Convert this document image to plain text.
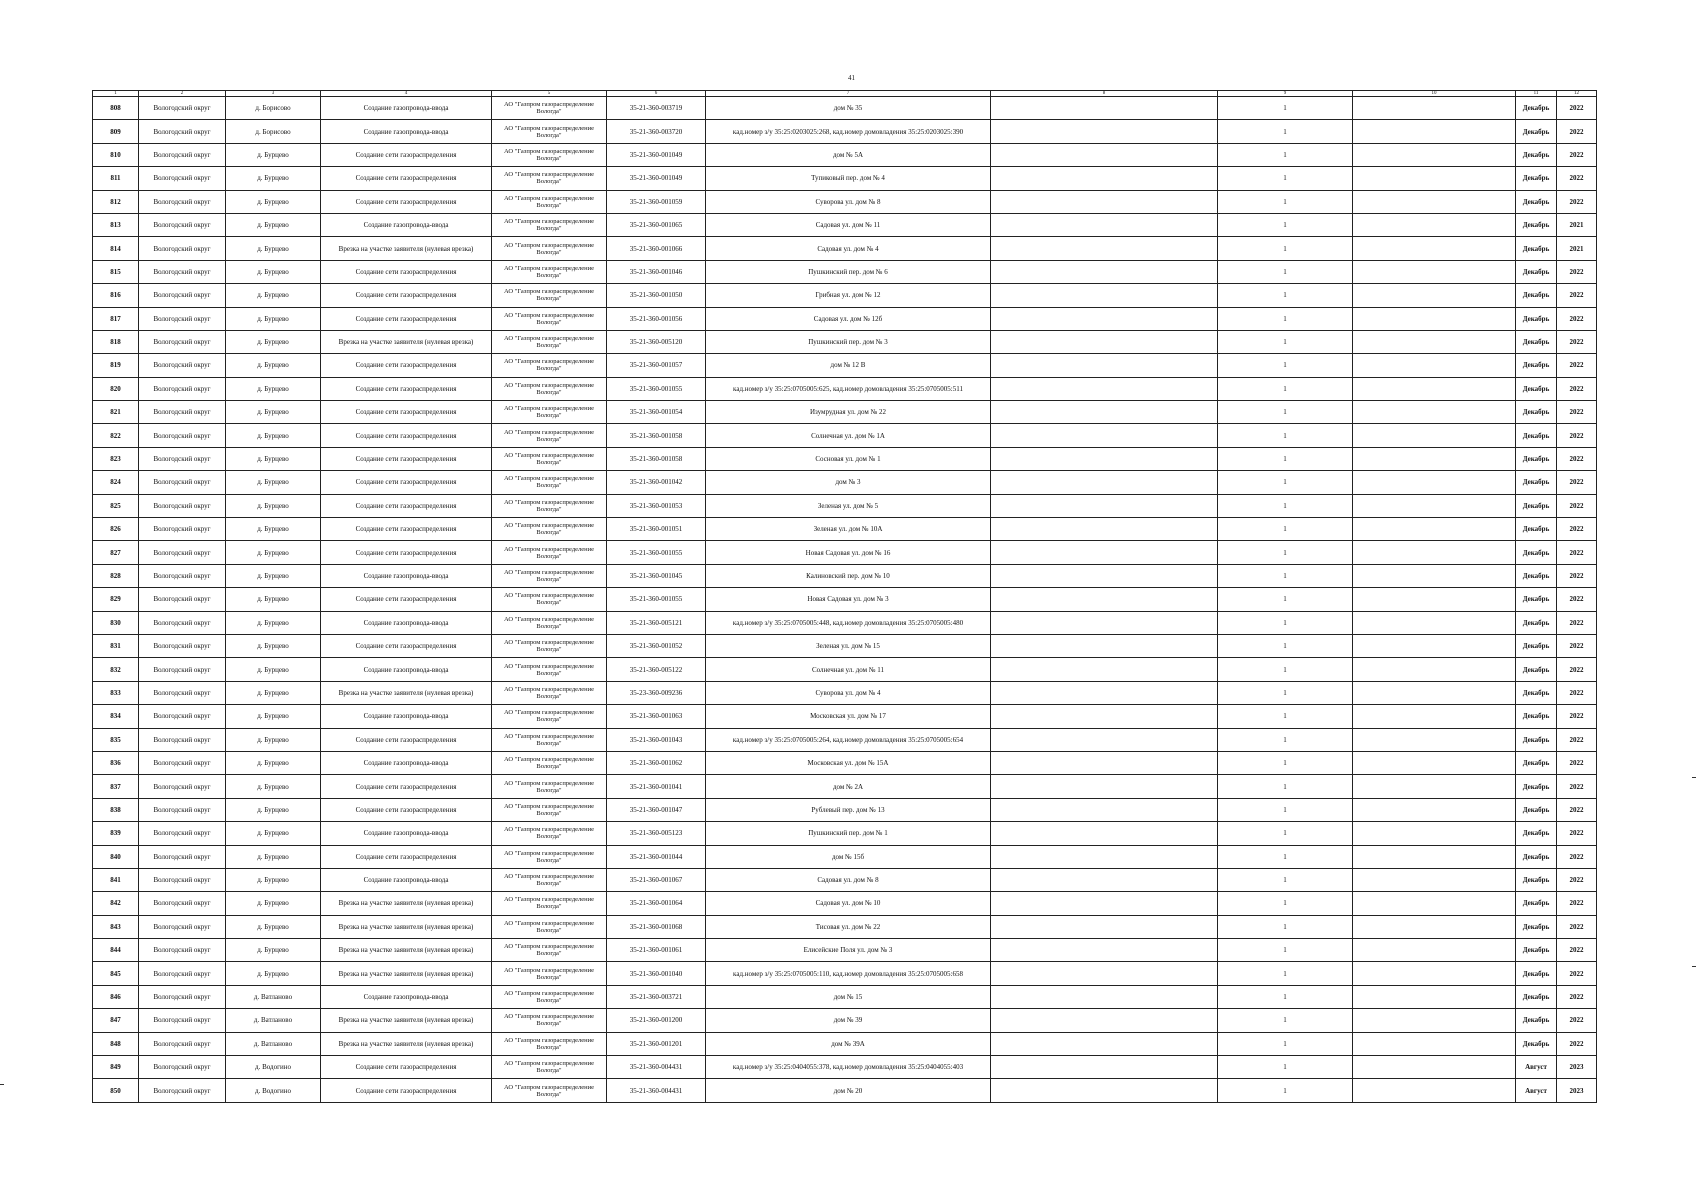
41
1	2	3	4	5	6	7	8	9	10	11	12
808	Вологодский округ	д. Борисово	Создание газопровода-ввода	АО "Газпром газораспределение Вологда"	35-21-360-003719	дом № 35		1		Декабрь	2022
809	Вологодский округ	д. Борисово	Создание газопровода-ввода	АО "Газпром газораспределение Вологда"	35-21-360-003720	кад.номер з/у 35:25:0203025:268, кад.номер домовладения 35:25:0203025:390		1		Декабрь	2022
810	Вологодский округ	д. Бурцево	Создание сети газораспределения	АО "Газпром газораспределение Вологда"	35-21-360-001049	дом № 5А		1		Декабрь	2022
811	Вологодский округ	д. Бурцево	Создание сети газораспределения	АО "Газпром газораспределение Вологда"	35-21-360-001049	Тупиковый пер. дом № 4		1		Декабрь	2022
812	Вологодский округ	д. Бурцево	Создание сети газораспределения	АО "Газпром газораспределение Вологда"	35-21-360-001059	Суворова ул. дом № 8		1		Декабрь	2022
813	Вологодский округ	д. Бурцево	Создание газопровода-ввода	АО "Газпром газораспределение Вологда"	35-21-360-001065	Садовая ул. дом № 11		1		Декабрь	2021
814	Вологодский округ	д. Бурцево	Врезка на участке заявителя (нулевая врезка)	АО "Газпром газораспределение Вологда"	35-21-360-001066	Садовая ул. дом № 4		1		Декабрь	2021
815	Вологодский округ	д. Бурцево	Создание сети газораспределения	АО "Газпром газораспределение Вологда"	35-21-360-001046	Пушкинский пер. дом № 6		1		Декабрь	2022
816	Вологодский округ	д. Бурцево	Создание сети газораспределения	АО "Газпром газораспределение Вологда"	35-21-360-001050	Грибная ул. дом № 12		1		Декабрь	2022
817	Вологодский округ	д. Бурцево	Создание сети газораспределения	АО "Газпром газораспределение Вологда"	35-21-360-001056	Садовая ул. дом № 12б		1		Декабрь	2022
818	Вологодский округ	д. Бурцево	Врезка на участке заявителя (нулевая врезка)	АО "Газпром газораспределение Вологда"	35-21-360-005120	Пушкинский пер. дом № 3		1		Декабрь	2022
819	Вологодский округ	д. Бурцево	Создание сети газораспределения	АО "Газпром газораспределение Вологда"	35-21-360-001057	дом № 12 В		1		Декабрь	2022
820	Вологодский округ	д. Бурцево	Создание сети газораспределения	АО "Газпром газораспределение Вологда"	35-21-360-001055	кад.номер з/у 35:25:0705005:625, кад.номер домовладения 35:25:0705005:511		1		Декабрь	2022
821	Вологодский округ	д. Бурцево	Создание сети газораспределения	АО "Газпром газораспределение Вологда"	35-21-360-001054	Изумрудная ул. дом № 22		1		Декабрь	2022
822	Вологодский округ	д. Бурцево	Создание сети газораспределения	АО "Газпром газораспределение Вологда"	35-21-360-001058	Солнечная ул. дом № 1А		1		Декабрь	2022
823	Вологодский округ	д. Бурцево	Создание сети газораспределения	АО "Газпром газораспределение Вологда"	35-21-360-001058	Сосновая ул. дом № 1		1		Декабрь	2022
824	Вологодский округ	д. Бурцево	Создание сети газораспределения	АО "Газпром газораспределение Вологда"	35-21-360-001042	дом № 3		1		Декабрь	2022
825	Вологодский округ	д. Бурцево	Создание сети газораспределения	АО "Газпром газораспределение Вологда"	35-21-360-001053	Зеленая ул. дом № 5		1		Декабрь	2022
826	Вологодский округ	д. Бурцево	Создание сети газораспределения	АО "Газпром газораспределение Вологда"	35-21-360-001051	Зеленая ул. дом № 10А		1		Декабрь	2022
827	Вологодский округ	д. Бурцево	Создание сети газораспределения	АО "Газпром газораспределение Вологда"	35-21-360-001055	Новая Садовая ул. дом № 16		1		Декабрь	2022
828	Вологодский округ	д. Бурцево	Создание газопровода-ввода	АО "Газпром газораспределение Вологда"	35-21-360-001045	Калиновский пер. дом № 10		1		Декабрь	2022
829	Вологодский округ	д. Бурцево	Создание сети газораспределения	АО "Газпром газораспределение Вологда"	35-21-360-001055	Новая Садовая ул. дом № 3		1		Декабрь	2022
830	Вологодский округ	д. Бурцево	Создание газопровода-ввода	АО "Газпром газораспределение Вологда"	35-21-360-005121	кад.номер з/у 35:25:0705005:448, кад.номер домовладения 35:25:0705005:480		1		Декабрь	2022
831	Вологодский округ	д. Бурцево	Создание сети газораспределения	АО "Газпром газораспределение Вологда"	35-21-360-001052	Зеленая ул. дом № 15		1		Декабрь	2022
832	Вологодский округ	д. Бурцево	Создание газопровода-ввода	АО "Газпром газораспределение Вологда"	35-21-360-005122	Солнечная ул. дом № 11		1		Декабрь	2022
833	Вологодский округ	д. Бурцево	Врезка на участке заявителя (нулевая врезка)	АО "Газпром газораспределение Вологда"	35-23-360-009236	Суворова ул. дом № 4		1		Декабрь	2022
834	Вологодский округ	д. Бурцево	Создание газопровода-ввода	АО "Газпром газораспределение Вологда"	35-21-360-001063	Московская ул. дом № 17		1		Декабрь	2022
835	Вологодский округ	д. Бурцево	Создание сети газораспределения	АО "Газпром газораспределение Вологда"	35-21-360-001043	кад.номер з/у 35:25:0705005:264, кад.номер домовладения 35:25:0705005:654		1		Декабрь	2022
836	Вологодский округ	д. Бурцево	Создание газопровода-ввода	АО "Газпром газораспределение Вологда"	35-21-360-001062	Московская ул. дом № 15А		1		Декабрь	2022
837	Вологодский округ	д. Бурцево	Создание сети газораспределения	АО "Газпром газораспределение Вологда"	35-21-360-001041	дом № 2А		1		Декабрь	2022
838	Вологодский округ	д. Бурцево	Создание сети газораспределения	АО "Газпром газораспределение Вологда"	35-21-360-001047	Рублевый пер. дом № 13		1		Декабрь	2022
839	Вологодский округ	д. Бурцево	Создание газопровода-ввода	АО "Газпром газораспределение Вологда"	35-21-360-005123	Пушкинский пер. дом № 1		1		Декабрь	2022
840	Вологодский округ	д. Бурцево	Создание сети газораспределения	АО "Газпром газораспределение Вологда"	35-21-360-001044	дом № 15б		1		Декабрь	2022
841	Вологодский округ	д. Бурцево	Создание газопровода-ввода	АО "Газпром газораспределение Вологда"	35-21-360-001067	Садовая ул. дом № 8		1		Декабрь	2022
842	Вологодский округ	д. Бурцево	Врезка на участке заявителя (нулевая врезка)	АО "Газпром газораспределение Вологда"	35-21-360-001064	Садовая ул. дом № 10		1		Декабрь	2022
843	Вологодский округ	д. Бурцево	Врезка на участке заявителя (нулевая врезка)	АО "Газпром газораспределение Вологда"	35-21-360-001068	Тисовая ул. дом № 22		1		Декабрь	2022
844	Вологодский округ	д. Бурцево	Врезка на участке заявителя (нулевая врезка)	АО "Газпром газораспределение Вологда"	35-21-360-001061	Елисейские Поля ул. дом № 3		1		Декабрь	2022
845	Вологодский округ	д. Бурцево	Врезка на участке заявителя (нулевая врезка)	АО "Газпром газораспределение Вологда"	35-21-360-001040	кад.номер з/у 35:25:0705005:110, кад.номер домовладения 35:25:0705005:658		1		Декабрь	2022
846	Вологодский округ	д. Ватланово	Создание газопровода-ввода	АО "Газпром газораспределение Вологда"	35-21-360-003721	дом № 15		1		Декабрь	2022
847	Вологодский округ	д. Ватланово	Врезка на участке заявителя (нулевая врезка)	АО "Газпром газораспределение Вологда"	35-21-360-001200	дом № 39		1		Декабрь	2022
848	Вологодский округ	д. Ватланово	Врезка на участке заявителя (нулевая врезка)	АО "Газпром газораспределение Вологда"	35-21-360-001201	дом № 39А		1		Декабрь	2022
849	Вологодский округ	д. Водогино	Создание сети газораспределения	АО "Газпром газораспределение Вологда"	35-21-360-004431	кад.номер з/у 35:25:0404055:378, кад.номер домовладения 35:25:0404055:403		1		Август	2023
850	Вологодский округ	д. Водогино	Создание сети газораспределения	АО "Газпром газораспределение Вологда"	35-21-360-004431	дом № 20		1		Август	2023
